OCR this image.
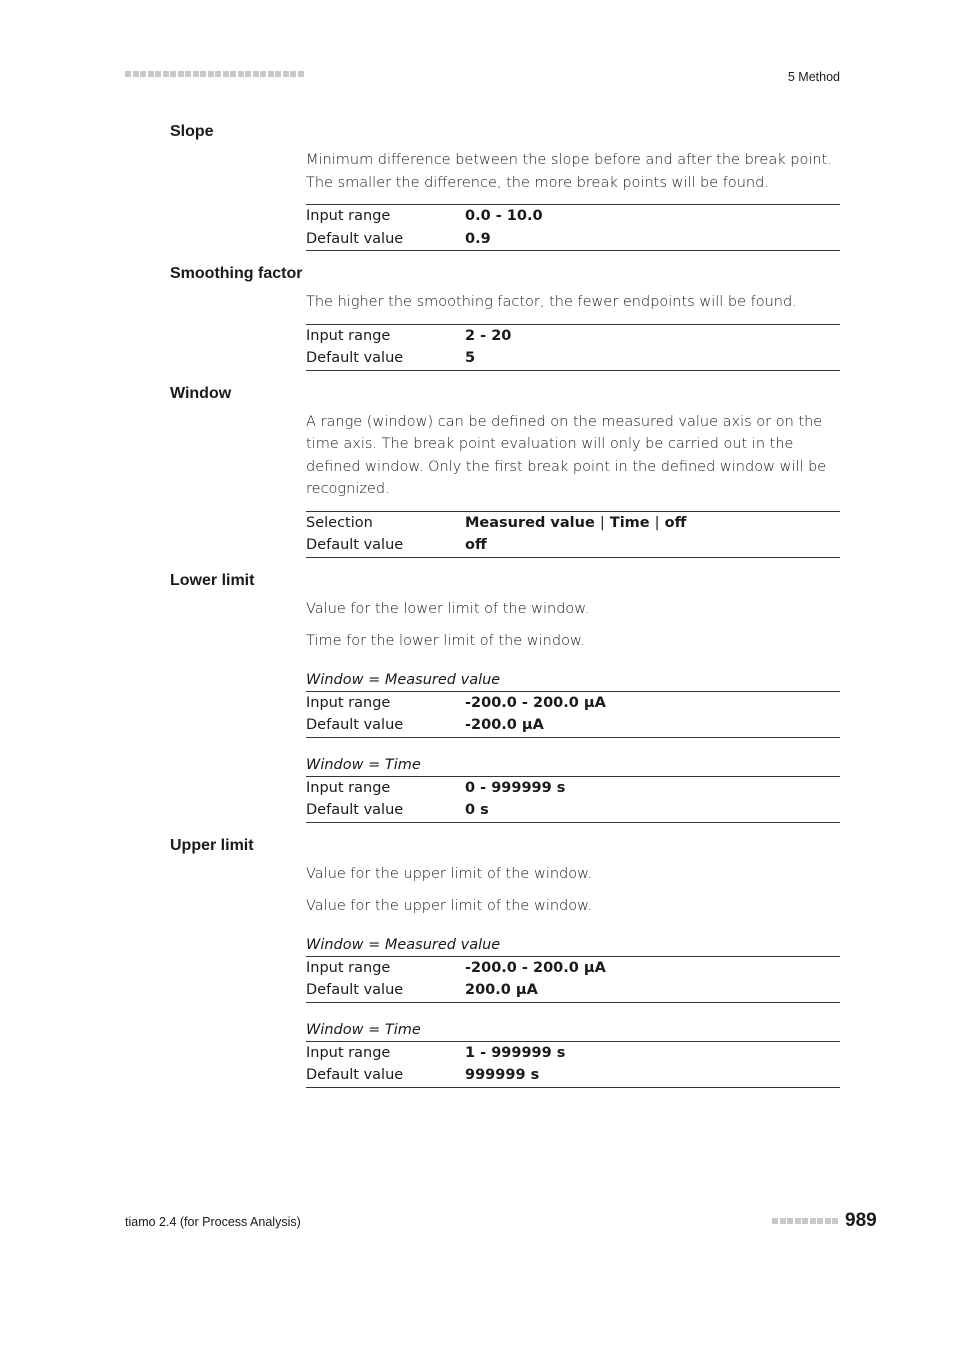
5 Method
Slope

Minimum difference between the slope before and after the break point. The smaller the difference, the more break points will be found.

Input range	0.0 - 10.0
Default value	0.9
Smoothing factor

The higher the smoothing factor, the fewer endpoints will be found.

Input range	2 - 20
Default value	5
Window

A range (window) can be defined on the measured value axis or on the time axis. The break point evaluation will only be carried out in the defined window. Only the first break point in the defined window will be recognized.

Selection	Measured value | Time | off
Default value	off
Lower limit

Value for the lower limit of the window.

Time for the lower limit of the window.

Window = Measured value
Input range	-200.0 - 200.0 µA
Default value	-200.0 µA
Window = Time
Input range	0 - 999999 s
Default value	0 s
Upper limit

Value for the upper limit of the window.

Value for the upper limit of the window.

Window = Measured value
Input range	-200.0 - 200.0 µA
Default value	200.0 µA
Window = Time
Input range	1 - 999999 s
Default value	999999 s
tiamo 2.4 (for Process Analysis)	989
